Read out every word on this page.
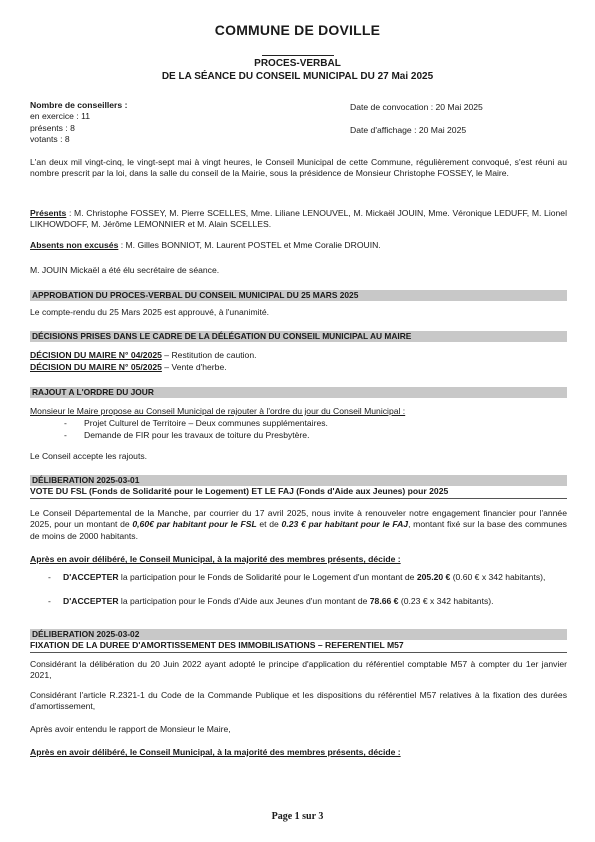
COMMUNE DE DOVILLE
PROCES-VERBAL
DE LA SÉANCE DU CONSEIL MUNICIPAL DU 27 Mai 2025
Nombre de conseillers :
en exercice : 11
présents : 8
votants : 8
Date de convocation : 20 Mai 2025
Date d'affichage : 20 Mai 2025
L'an deux mil vingt-cinq, le vingt-sept mai à vingt heures, le Conseil Municipal de cette Commune, régulièrement convoqué, s'est réuni au nombre prescrit par la loi, dans la salle du conseil de la Mairie, sous la présidence de Monsieur Christophe FOSSEY, le Maire.
Présents : M. Christophe FOSSEY, M. Pierre SCELLES, Mme. Liliane LENOUVEL, M. Mickaël JOUIN, Mme. Véronique LEDUFF, M. Lionel LIKHOWDOFF, M. Jérôme LEMONNIER et M. Alain SCELLES.
Absents non excusés : M. Gilles BONNIOT, M. Laurent POSTEL et Mme Coralie DROUIN.
M. JOUIN Mickaël a été élu secrétaire de séance.
APPROBATION DU PROCES-VERBAL DU CONSEIL MUNICIPAL DU 25 MARS 2025
Le compte-rendu du 25 Mars 2025 est approuvé, à l'unanimité.
DÉCISIONS PRISES DANS LE CADRE DE LA DÉLÉGATION DU CONSEIL MUNICIPAL AU MAIRE
DÉCISION DU MAIRE N° 04/2025 – Restitution de caution.
DÉCISION DU MAIRE N° 05/2025 – Vente d'herbe.
RAJOUT A L'ORDRE DU JOUR
Monsieur le Maire propose au Conseil Municipal de rajouter à l'ordre du jour du Conseil Municipal :
- Projet Culturel de Territoire – Deux communes supplémentaires.
- Demande de FIR pour les travaux de toiture du Presbytère.
Le Conseil accepte les rajouts.
DÉLIBERATION 2025-03-01
VOTE DU FSL (Fonds de Solidarité pour le Logement) ET LE FAJ (Fonds d'Aide aux Jeunes) pour 2025
Le Conseil Départemental de la Manche, par courrier du 17 avril 2025, nous invite à renouveler notre engagement financier pour l'année 2025, pour un montant de 0,60€ par habitant pour le FSL et de 0.23 € par habitant pour le FAJ, montant fixé sur la base des communes de moins de 2000 habitants.
Après en avoir délibéré, le Conseil Municipal, à la majorité des membres présents, décide :
- D'ACCEPTER la participation pour le Fonds de Solidarité pour le Logement d'un montant de 205.20 € (0.60 € x 342 habitants),
- D'ACCEPTER la participation pour le Fonds d'Aide aux Jeunes d'un montant de 78.66 € (0.23 € x 342 habitants).
DÉLIBERATION 2025-03-02
FIXATION DE LA DUREE D'AMORTISSEMENT DES IMMOBILISATIONS – REFERENTIEL M57
Considérant la délibération du 20 Juin 2022 ayant adopté le principe d'application du référentiel comptable M57 à compter du 1er janvier 2021,
Considérant l'article R.2321-1 du Code de la Commande Publique et les dispositions du référentiel M57 relatives à la fixation des durées d'amortissement,
Après avoir entendu le rapport de Monsieur le Maire,
Après en avoir délibéré, le Conseil Municipal, à la majorité des membres présents, décide :
Page 1 sur 3
